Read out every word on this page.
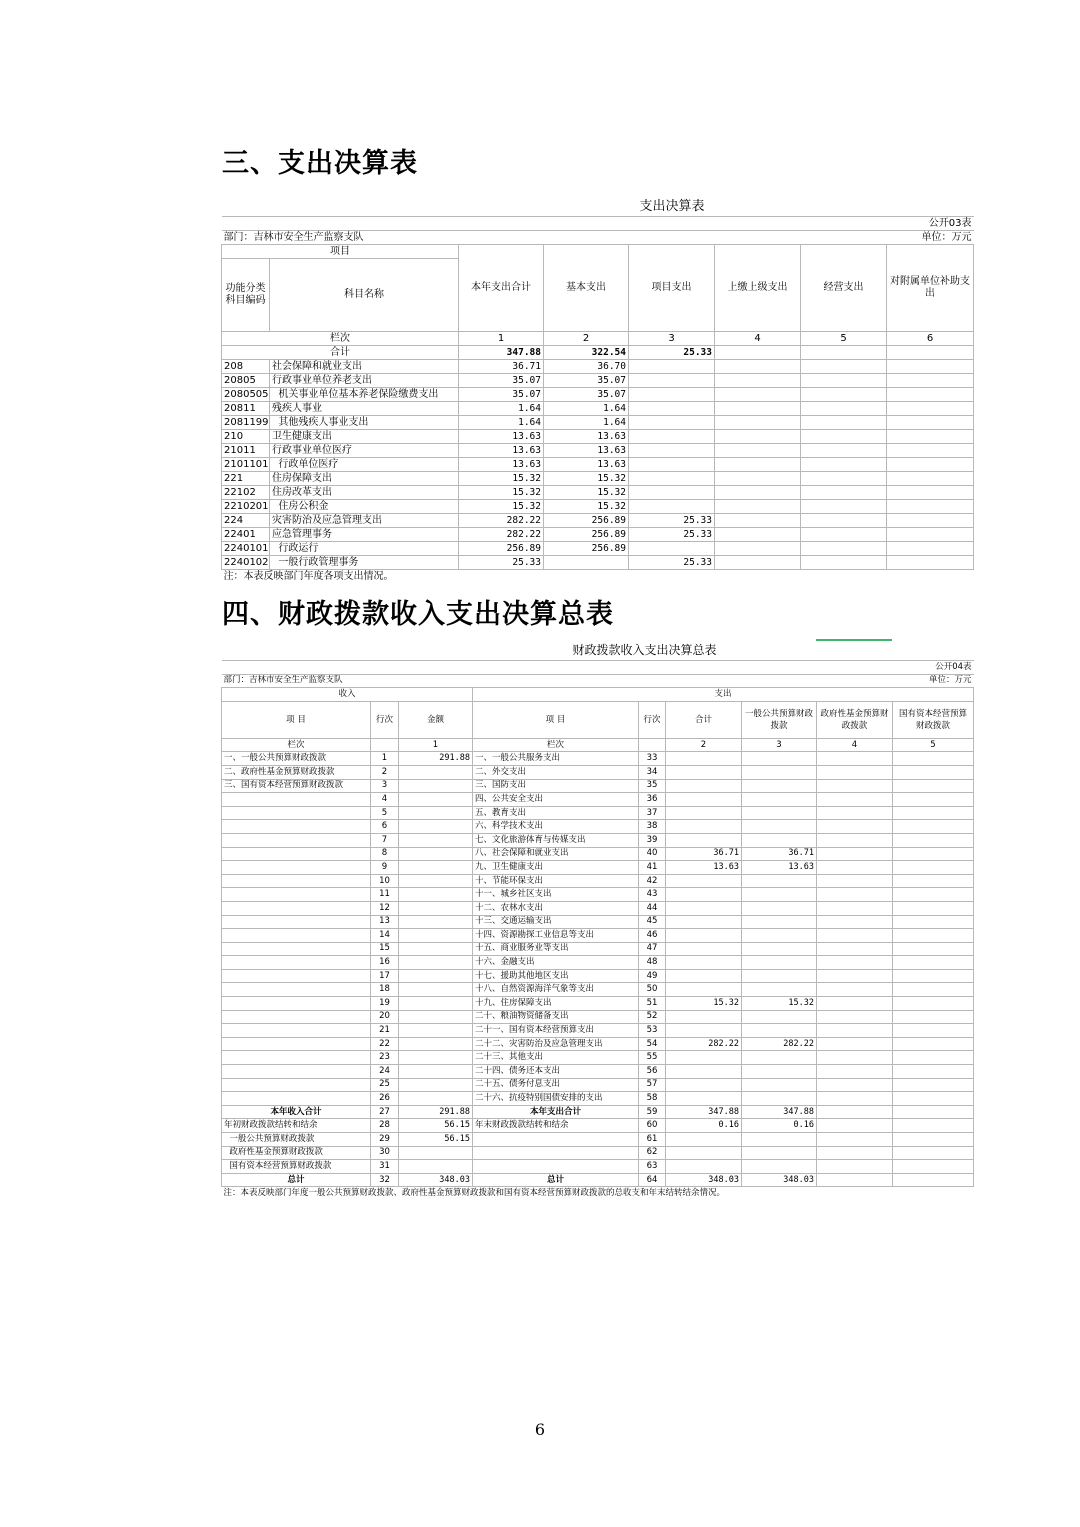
三、支出决算表
			支出决算表				
公开03表							
部门：吉林市安全生产监察支队				单位：万元			
项目		本年支出合计	基本支出	项目支出	上缴上级支出	经营支出	对附属单位补助支出
功能分类科目编码	科目名称						
栏次		1	2	3	4	5	6
合计		347.88	322.54	25.33			
208	社会保障和就业支出	36.71	36.70				
20805	行政事业单位养老支出	35.07	35.07				
2080505	机关事业单位基本养老保险缴费支出	35.07	35.07				
20811	残疾人事业	1.64	1.64				
2081199	其他残疾人事业支出	1.64	1.64				
210	卫生健康支出	13.63	13.63				
21011	行政事业单位医疗	13.63	13.63				
2101101	行政单位医疗	13.63	13.63				
221	住房保障支出	15.32	15.32				
22102	住房改革支出	15.32	15.32				
2210201	住房公积金	15.32	15.32				
224	灾害防治及应急管理支出	282.22	256.89	25.33			
22401	应急管理事务	282.22	256.89	25.33			
2240101	行政运行	256.89	256.89				
2240102	一般行政管理事务	25.33		25.33			
注：本表反映部门年度各项支出情况。							
四、财政拨款收入支出决算总表
			财政拨款收入支出决算总表					
公开04表								
部门：吉林市安全生产监察支队				单位：万元				
收入			支出					
项 目	行次	金额	项 目	行次	合计	一般公共预算财政拨款	政府性基金预算财政拨款	国有资本经营预算财政拨款
栏次		1	栏次		2	3	4	5
一、一般公共预算财政拨款	1	291.88	一、一般公共服务支出	33				
二、政府性基金预算财政拨款	2		二、外交支出	34				
三、国有资本经营预算财政拨款	3		三、国防支出	35				
	4		四、公共安全支出	36				
	5		五、教育支出	37				
	6		六、科学技术支出	38				
	7		七、文化旅游体育与传媒支出	39				
	8		八、社会保障和就业支出	40	36.71	36.71		
	9		九、卫生健康支出	41	13.63	13.63		
	10		十、节能环保支出	42				
	11		十一、城乡社区支出	43				
	12		十二、农林水支出	44				
	13		十三、交通运输支出	45				
	14		十四、资源勘探工业信息等支出	46				
	15		十五、商业服务业等支出	47				
	16		十六、金融支出	48				
	17		十七、援助其他地区支出	49				
	18		十八、自然资源海洋气象等支出	50				
	19		十九、住房保障支出	51	15.32	15.32		
	20		二十、粮油物资储备支出	52				
	21		二十一、国有资本经营预算支出	53				
	22		二十二、灾害防治及应急管理支出	54	282.22	282.22		
	23		二十三、其他支出	55				
	24		二十四、债务还本支出	56				
	25		二十五、债务付息支出	57				
	26		二十六、抗疫特别国债安排的支出	58				
本年收入合计	27	291.88	本年支出合计	59	347.88	347.88		
年初财政拨款结转和结余	28	56.15	年末财政拨款结转和结余	60	0.16	0.16		
一般公共预算财政拨款	29	56.15		61				
政府性基金预算财政拨款	30			62				
国有资本经营预算财政拨款	31			63				
总计	32	348.03	总计	64	348.03	348.03		
注：本表反映部门年度一般公共预算财政拨款、政府性基金预算财政拨款和国有资本经营预算财政拨款的总收支和年末结转结余情况。								
6
